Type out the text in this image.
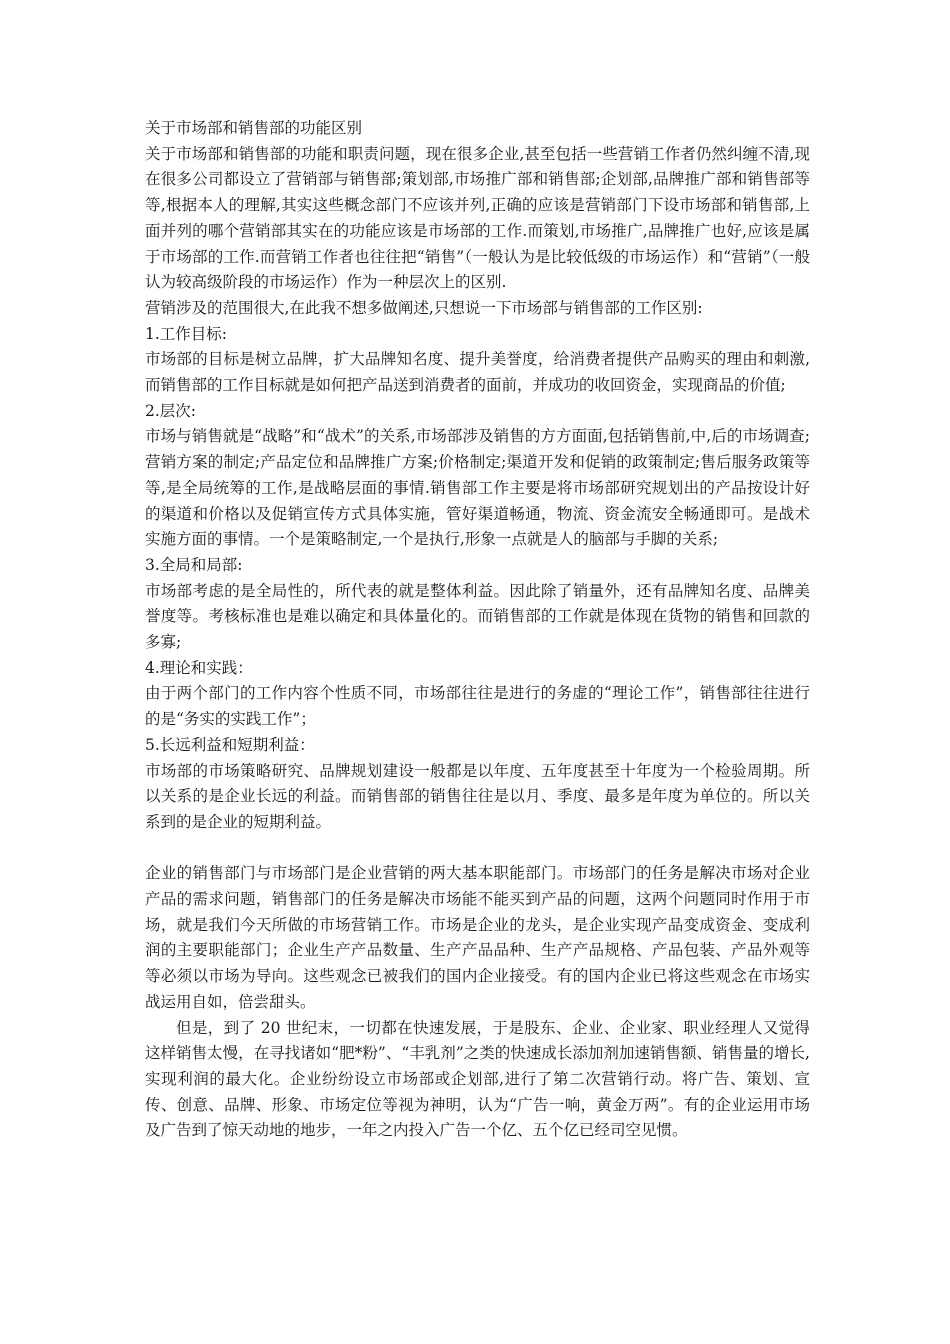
关于市场部和销售部的功能区别

关于市场部和销售部的功能和职责问题，现在很多企业,甚至包括一些营销工作者仍然纠缠不清,现在很多公司都设立了营销部与销售部;策划部,市场推广部和销售部;企划部,品牌推广部和销售部等等,根据本人的理解,其实这些概念部门不应该并列,正确的应该是营销部门下设市场部和销售部,上面并列的哪个营销部其实在的功能应该是市场部的工作.而策划,市场推广,品牌推广也好,应该是属于市场部的工作.而营销工作者也往往把“销售”（一般认为是比较低级的市场运作）和“营销”（一般认为较高级阶段的市场运作）作为一种层次上的区别.

营销涉及的范围很大,在此我不想多做阐述,只想说一下市场部与销售部的工作区别:

1.工作目标:

市场部的目标是树立品牌，扩大品牌知名度、提升美誉度，给消费者提供产品购买的理由和刺激,而销售部的工作目标就是如何把产品送到消费者的面前，并成功的收回资金，实现商品的价值;

2.层次:

市场与销售就是“战略”和“战术”的关系,市场部涉及销售的方方面面,包括销售前,中,后的市场调查;营销方案的制定;产品定位和品牌推广方案;价格制定;渠道开发和促销的政策制定;售后服务政策等等,是全局统筹的工作,是战略层面的事情.销售部工作主要是将市场部研究规划出的产品按设计好的渠道和价格以及促销宣传方式具体实施，管好渠道畅通，物流、资金流安全畅通即可。是战术实施方面的事情。一个是策略制定,一个是执行,形象一点就是人的脑部与手脚的关系;

3.全局和局部:

市场部考虑的是全局性的，所代表的就是整体利益。因此除了销量外，还有品牌知名度、品牌美誉度等。考核标准也是难以确定和具体量化的。而销售部的工作就是体现在货物的销售和回款的多寡;

4.理论和实践：

由于两个部门的工作内容个性质不同，市场部往往是进行的务虚的“理论工作”，销售部往往进行的是“务实的实践工作”；

5.长远利益和短期利益：

市场部的市场策略研究、品牌规划建设一般都是以年度、五年度甚至十年度为一个检验周期。所以关系的是企业长远的利益。而销售部的销售往往是以月、季度、最多是年度为单位的。所以关系到的是企业的短期利益。

企业的销售部门与市场部门是企业营销的两大基本职能部门。市场部门的任务是解决市场对企业产品的需求问题，销售部门的任务是解决市场能不能买到产品的问题，这两个问题同时作用于市场，就是我们今天所做的市场营销工作。市场是企业的龙头，是企业实现产品变成资金、变成利润的主要职能部门；企业生产产品数量、生产产品品种、生产产品规格、产品包装、产品外观等等必须以市场为导向。这些观念已被我们的国内企业接受。有的国内企业已将这些观念在市场实战运用自如，倍尝甜头。

但是，到了 20 世纪末，一切都在快速发展，于是股东、企业、企业家、职业经理人又觉得这样销售太慢，在寻找诸如“肥*粉”、“丰乳剂”之类的快速成长添加剂加速销售额、销售量的增长,实现利润的最大化。企业纷纷设立市场部或企划部,进行了第二次营销行动。将广告、策划、宣传、创意、品牌、形象、市场定位等视为神明，认为“广告一响，黄金万两”。有的企业运用市场及广告到了惊天动地的地步，一年之内投入广告一个亿、五个亿已经司空见惯。
